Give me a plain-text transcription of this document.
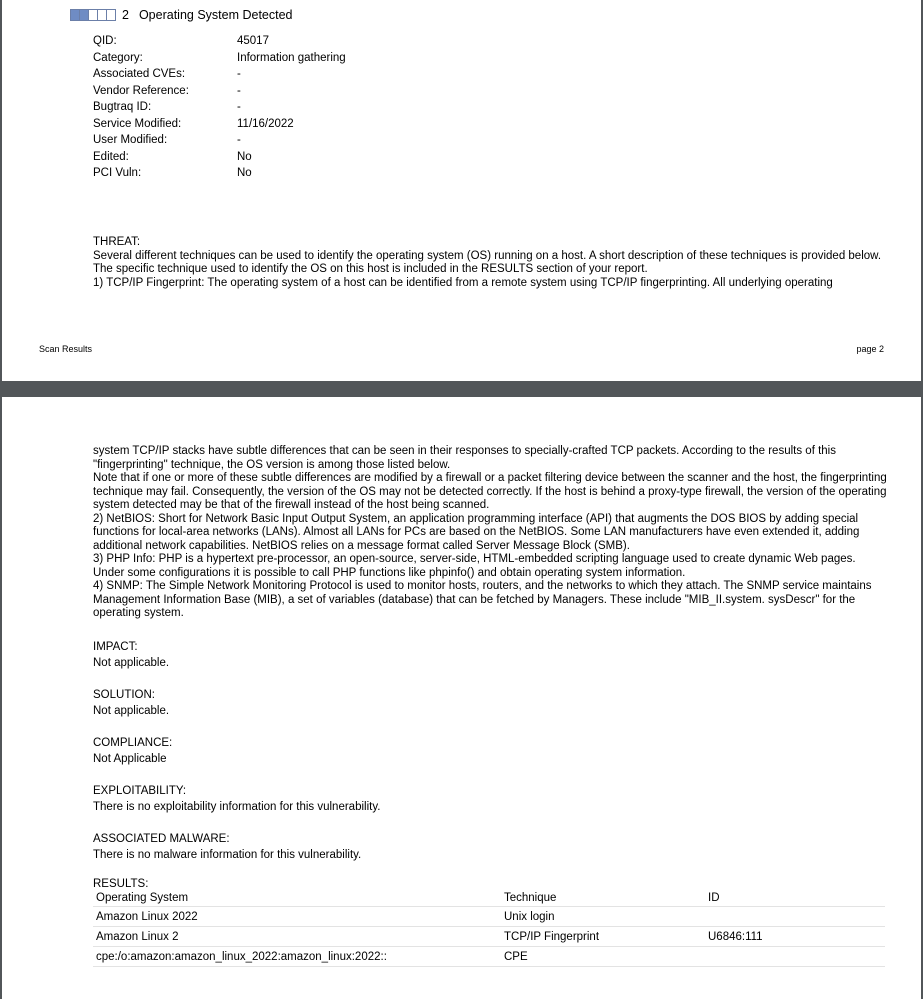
2 Operating System Detected
QID:	45017
Category:	Information gathering
Associated CVEs:	-
Vendor Reference:	-
Bugtraq ID:	-
Service Modified:	11/16/2022
User Modified:	-
Edited:	No
PCI Vuln:	No

THREAT:

Several different techniques can be used to identify the operating system (OS) running on a host. A short description of these techniques is provided below. The specific technique used to identify the OS on this host is included in the RESULTS section of your report.

1) TCP/IP Fingerprint: The operating system of a host can be identified from a remote system using TCP/IP fingerprinting. All underlying operating

Scan Results	page 2

system TCP/IP stacks have subtle differences that can be seen in their responses to specially-crafted TCP packets. According to the results of this "fingerprinting" technique, the OS version is among those listed below.

Note that if one or more of these subtle differences are modified by a firewall or a packet filtering device between the scanner and the host, the fingerprinting technique may fail. Consequently, the version of the OS may not be detected correctly. If the host is behind a proxy-type firewall, the version of the operating system detected may be that of the firewall instead of the host being scanned.

2) NetBIOS: Short for Network Basic Input Output System, an application programming interface (API) that augments the DOS BIOS by adding special functions for local-area networks (LANs). Almost all LANs for PCs are based on the NetBIOS. Some LAN manufacturers have even extended it, adding additional network capabilities. NetBIOS relies on a message format called Server Message Block (SMB).

3) PHP Info: PHP is a hypertext pre-processor, an open-source, server-side, HTML-embedded scripting language used to create dynamic Web pages. Under some configurations it is possible to call PHP functions like phpinfo() and obtain operating system information.

4) SNMP: The Simple Network Monitoring Protocol is used to monitor hosts, routers, and the networks to which they attach. The SNMP service maintains Management Information Base (MIB), a set of variables (database) that can be fetched by Managers. These include "MIB_II.system. sysDescr" for the operating system.

IMPACT:

Not applicable.

SOLUTION:

Not applicable.

COMPLIANCE:

Not Applicable

EXPLOITABILITY:

There is no exploitability information for this vulnerability.

ASSOCIATED MALWARE:

There is no malware information for this vulnerability.

RESULTS:
Operating System	Technique	ID
Amazon Linux 2022	Unix login	
Amazon Linux 2	TCP/IP Fingerprint	U6846:111
cpe:/o:amazon:amazon_linux_2022:amazon_linux:2022::	CPE	
